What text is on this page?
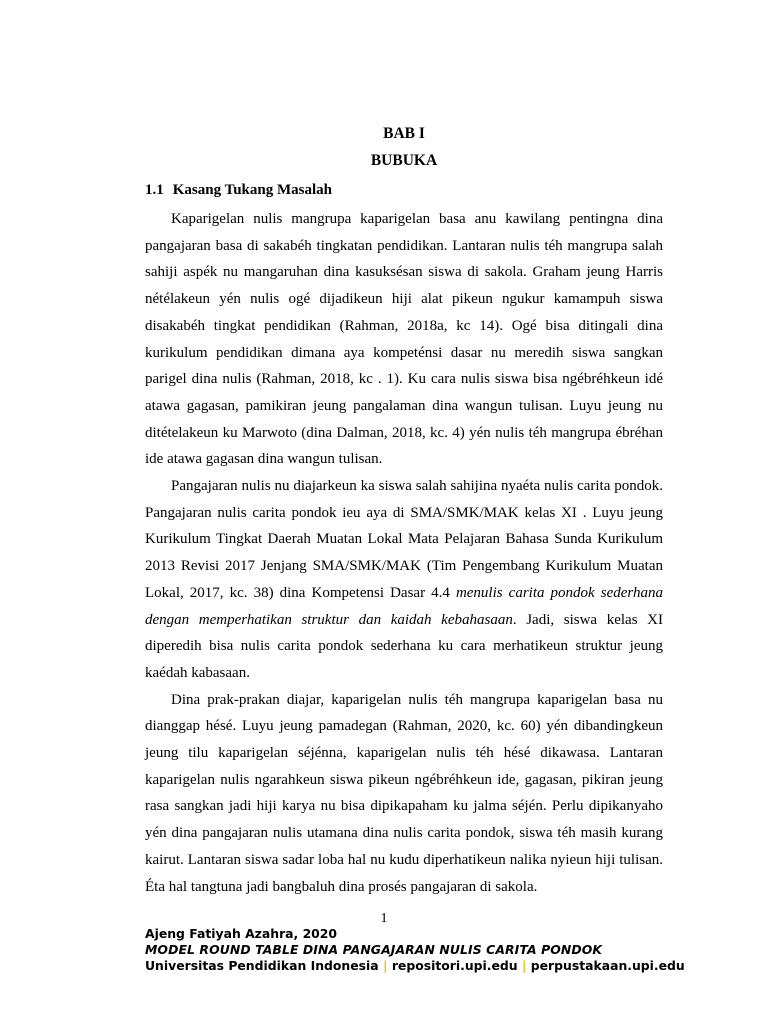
BAB I
BUBUKA
1.1 Kasang Tukang Masalah

Kaparigelan nulis mangrupa kaparigelan basa anu kawilang pentingna dina pangajaran basa di sakabéh tingkatan pendidikan. Lantaran nulis téh mangrupa salah sahiji aspék nu mangaruhan dina kasuksésan siswa di sakola. Graham jeung Harris nétélakeun yén nulis ogé dijadikeun hiji alat pikeun ngukur kamampuh siswa disakabéh tingkat pendidikan (Rahman, 2018a, kc 14). Ogé bisa ditingali dina kurikulum pendidikan dimana aya kompeténsi dasar nu meredih siswa sangkan parigel dina nulis (Rahman, 2018, kc . 1). Ku cara nulis siswa bisa ngébréhkeun idé atawa gagasan, pamikiran jeung pangalaman dina wangun tulisan. Luyu jeung nu ditételakeun ku Marwoto (dina Dalman, 2018, kc. 4) yén nulis téh mangrupa ébréhan ide atawa gagasan dina wangun tulisan.

Pangajaran nulis nu diajarkeun ka siswa salah sahijina nyaéta nulis carita pondok. Pangajaran nulis carita pondok ieu aya di SMA/SMK/MAK kelas XI . Luyu jeung Kurikulum Tingkat Daerah Muatan Lokal Mata Pelajaran Bahasa Sunda Kurikulum 2013 Revisi 2017 Jenjang SMA/SMK/MAK (Tim Pengembang Kurikulum Muatan Lokal, 2017, kc. 38) dina Kompetensi Dasar 4.4 menulis carita pondok sederhana dengan memperhatikan struktur dan kaidah kebahasaan. Jadi, siswa kelas XI diperedih bisa nulis carita pondok sederhana ku cara merhatikeun struktur jeung kaédah kabasaan.

Dina prak-prakan diajar, kaparigelan nulis téh mangrupa kaparigelan basa nu dianggap hésé. Luyu jeung pamadegan (Rahman, 2020, kc. 60) yén dibandingkeun jeung tilu kaparigelan séjénna, kaparigelan nulis téh hésé dikawasa. Lantaran kaparigelan nulis ngarahkeun siswa pikeun ngébréhkeun ide, gagasan, pikiran jeung rasa sangkan jadi hiji karya nu bisa dipikapaham ku jalma séjén. Perlu dipikanyaho yén dina pangajaran nulis utamana dina nulis carita pondok, siswa téh masih kurang kairut. Lantaran siswa sadar loba hal nu kudu diperhatikeun nalika nyieun hiji tulisan. Éta hal tangtuna jadi bangbaluh dina prosés pangajaran di sakola.

1
Ajeng Fatiyah Azahra, 2020
MODEL ROUND TABLE DINA PANGAJARAN NULIS CARITA PONDOK
Universitas Pendidikan Indonesia | repositori.upi.edu | perpustakaan.upi.edu
